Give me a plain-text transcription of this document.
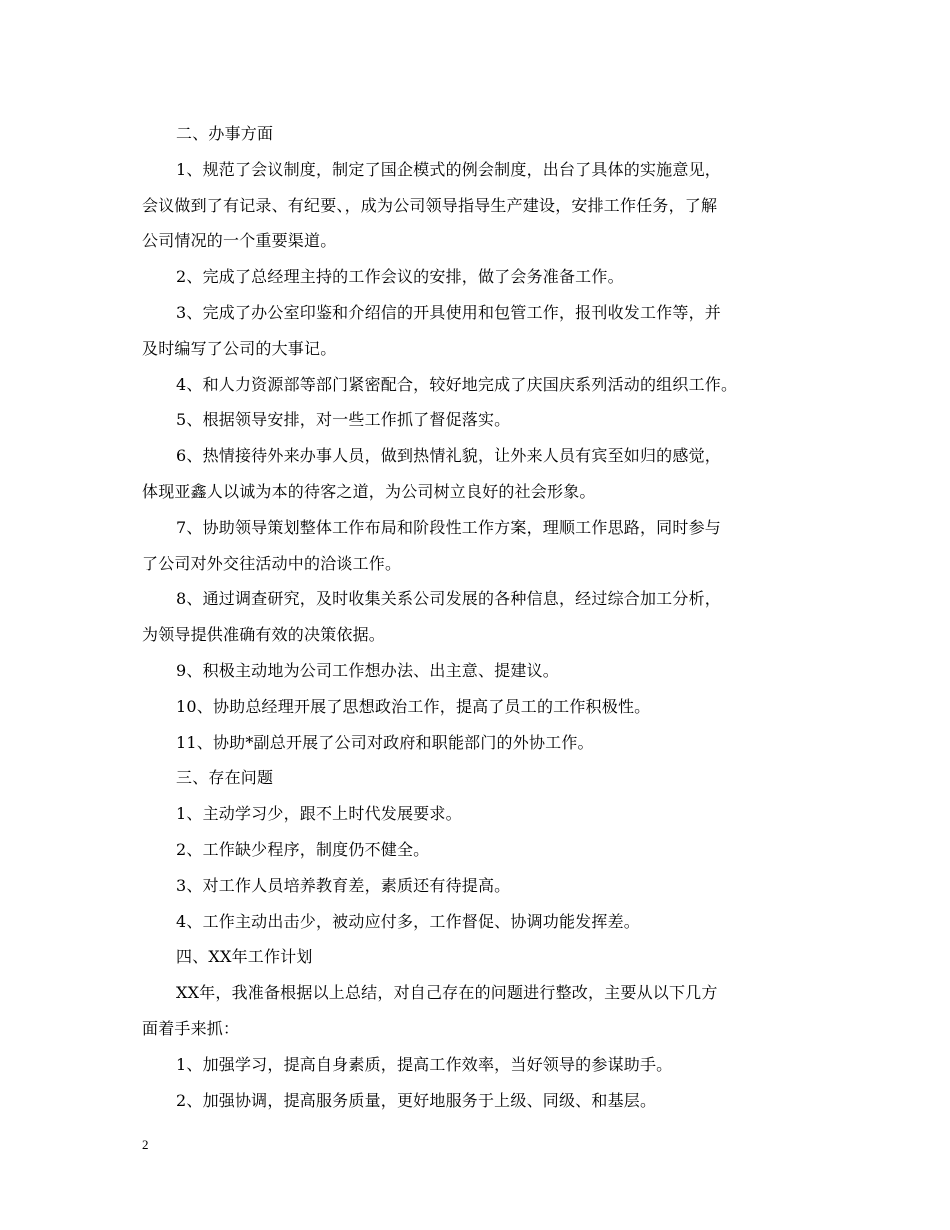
二、办事方面
1、规范了会议制度，制定了国企模式的例会制度，出台了具体的实施意见，
会议做到了有记录、有纪要、，成为公司领导指导生产建设，安排工作任务，了解
公司情况的一个重要渠道。
2、完成了总经理主持的工作会议的安排，做了会务准备工作。
3、完成了办公室印鉴和介绍信的开具使用和包管工作，报刊收发工作等，并
及时编写了公司的大事记。
4、和人力资源部等部门紧密配合，较好地完成了庆国庆系列活动的组织工作。
5、根据领导安排，对一些工作抓了督促落实。
6、热情接待外来办事人员，做到热情礼貌，让外来人员有宾至如归的感觉，
体现亚鑫人以诚为本的待客之道，为公司树立良好的社会形象。
7、协助领导策划整体工作布局和阶段性工作方案，理顺工作思路，同时参与
了公司对外交往活动中的洽谈工作。
8、通过调查研究，及时收集关系公司发展的各种信息，经过综合加工分析，
为领导提供准确有效的决策依据。
9、积极主动地为公司工作想办法、出主意、提建议。
10、协助总经理开展了思想政治工作，提高了员工的工作积极性。
11、协助*副总开展了公司对政府和职能部门的外协工作。
三、存在问题
1、主动学习少，跟不上时代发展要求。
2、工作缺少程序，制度仍不健全。
3、对工作人员培养教育差，素质还有待提高。
4、工作主动出击少，被动应付多，工作督促、协调功能发挥差。
四、XX年工作计划
XX年，我准备根据以上总结，对自己存在的问题进行整改，主要从以下几方
面着手来抓：
1、加强学习，提高自身素质，提高工作效率，当好领导的参谋助手。
2、加强协调，提高服务质量，更好地服务于上级、同级、和基层。
2
